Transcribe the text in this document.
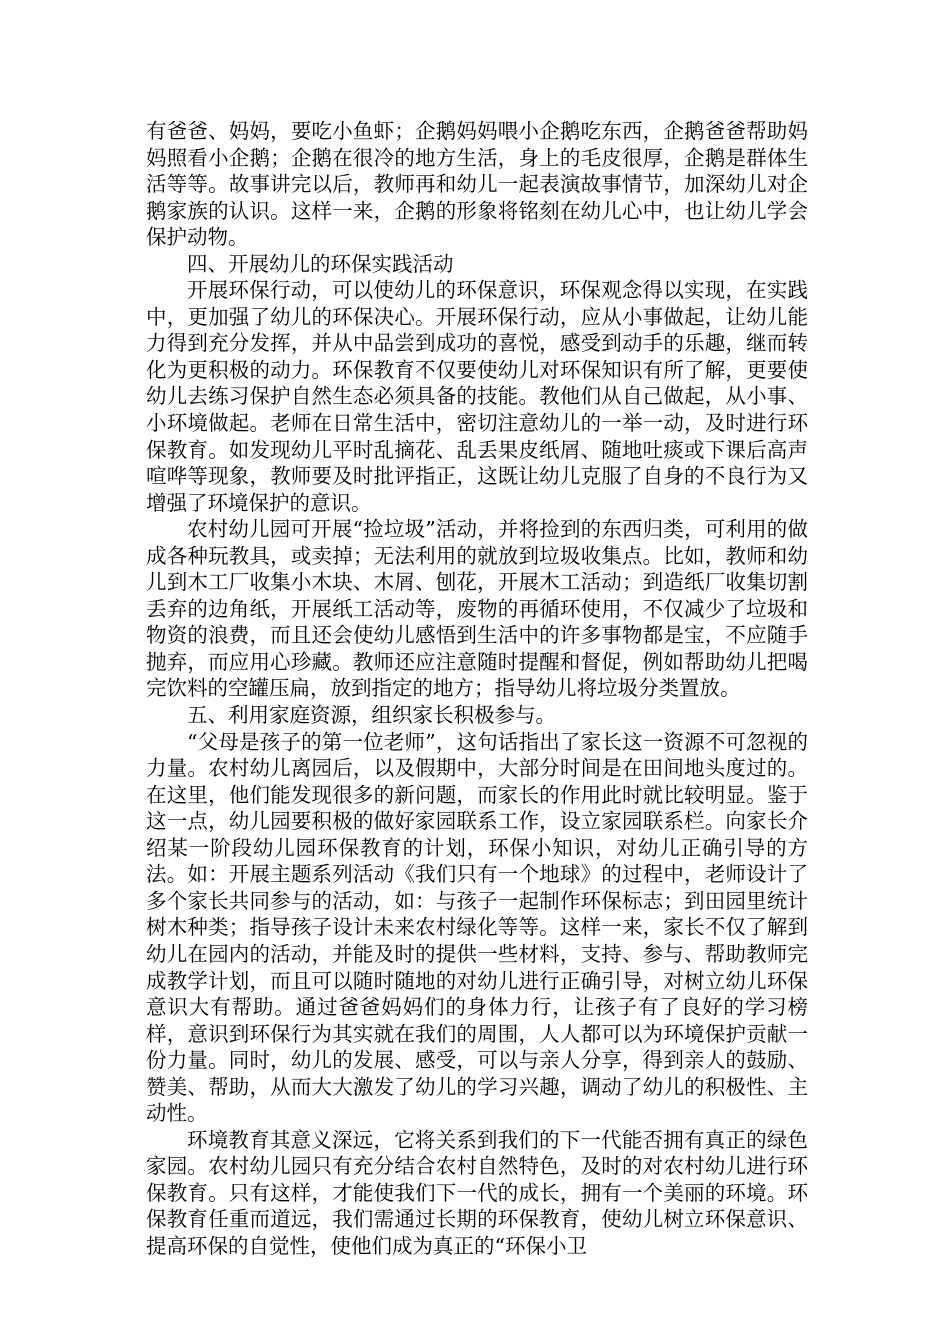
有爸爸、妈妈，要吃小鱼虾；企鹅妈妈喂小企鹅吃东西，企鹅爸爸帮助妈妈照看小企鹅；企鹅在很冷的地方生活，身上的毛皮很厚，企鹅是群体生活等等。故事讲完以后，教师再和幼儿一起表演故事情节，加深幼儿对企鹅家族的认识。这样一来，企鹅的形象将铭刻在幼儿心中，也让幼儿学会保护动物。

四、开展幼儿的环保实践活动

开展环保行动，可以使幼儿的环保意识，环保观念得以实现，在实践中，更加强了幼儿的环保决心。开展环保行动，应从小事做起，让幼儿能力得到充分发挥，并从中品尝到成功的喜悦，感受到动手的乐趣，继而转化为更积极的动力。环保教育不仅要使幼儿对环保知识有所了解，更要使幼儿去练习保护自然生态必须具备的技能。教他们从自己做起，从小事、小环境做起。老师在日常生活中，密切注意幼儿的一举一动，及时进行环保教育。如发现幼儿平时乱摘花、乱丢果皮纸屑、随地吐痰或下课后高声喧哗等现象，教师要及时批评指正，这既让幼儿克服了自身的不良行为又增强了环境保护的意识。

农村幼儿园可开展“捡垃圾”活动，并将捡到的东西归类，可利用的做成各种玩教具，或卖掉；无法利用的就放到垃圾收集点。比如，教师和幼儿到木工厂收集小木块、木屑、刨花，开展木工活动；到造纸厂收集切割丢弃的边角纸，开展纸工活动等，废物的再循环使用，不仅减少了垃圾和物资的浪费，而且还会使幼儿感悟到生活中的许多事物都是宝，不应随手抛弃，而应用心珍藏。教师还应注意随时提醒和督促，例如帮助幼儿把喝完饮料的空罐压扁，放到指定的地方；指导幼儿将垃圾分类置放。

五、利用家庭资源，组织家长积极参与。

“父母是孩子的第一位老师”，这句话指出了家长这一资源不可忽视的力量。农村幼儿离园后，以及假期中，大部分时间是在田间地头度过的。在这里，他们能发现很多的新问题，而家长的作用此时就比较明显。鉴于这一点，幼儿园要积极的做好家园联系工作，设立家园联系栏。向家长介绍某一阶段幼儿园环保教育的计划，环保小知识，对幼儿正确引导的方法。如：开展主题系列活动《我们只有一个地球》的过程中，老师设计了多个家长共同参与的活动，如：与孩子一起制作环保标志；到田园里统计树木种类；指导孩子设计未来农村绿化等等。这样一来，家长不仅了解到幼儿在园内的活动，并能及时的提供一些材料，支持、参与、帮助教师完成教学计划，而且可以随时随地的对幼儿进行正确引导，对树立幼儿环保意识大有帮助。通过爸爸妈妈们的身体力行，让孩子有了良好的学习榜样，意识到环保行为其实就在我们的周围，人人都可以为环境保护贡献一份力量。同时，幼儿的发展、感受，可以与亲人分享，得到亲人的鼓励、赞美、帮助，从而大大激发了幼儿的学习兴趣，调动了幼儿的积极性、主动性。

环境教育其意义深远，它将关系到我们的下一代能否拥有真正的绿色家园。农村幼儿园只有充分结合农村自然特色，及时的对农村幼儿进行环保教育。只有这样，才能使我们下一代的成长，拥有一个美丽的环境。环保教育任重而道远，我们需通过长期的环保教育，使幼儿树立环保意识、提高环保的自觉性，使他们成为真正的“环保小卫
